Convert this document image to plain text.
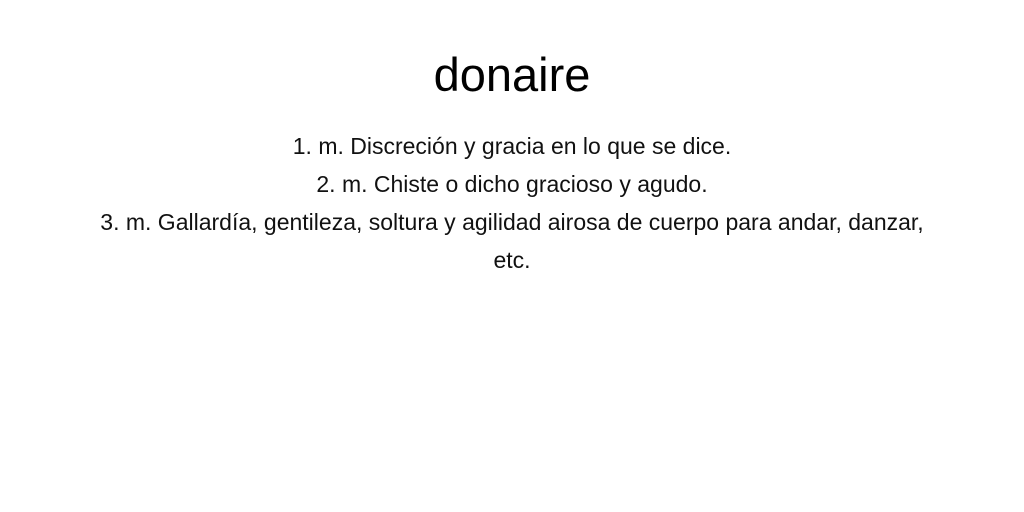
donaire
1. m. Discreción y gracia en lo que se dice.
2. m. Chiste o dicho gracioso y agudo.
3. m. Gallardía, gentileza, soltura y agilidad airosa de cuerpo para andar, danzar, etc.
